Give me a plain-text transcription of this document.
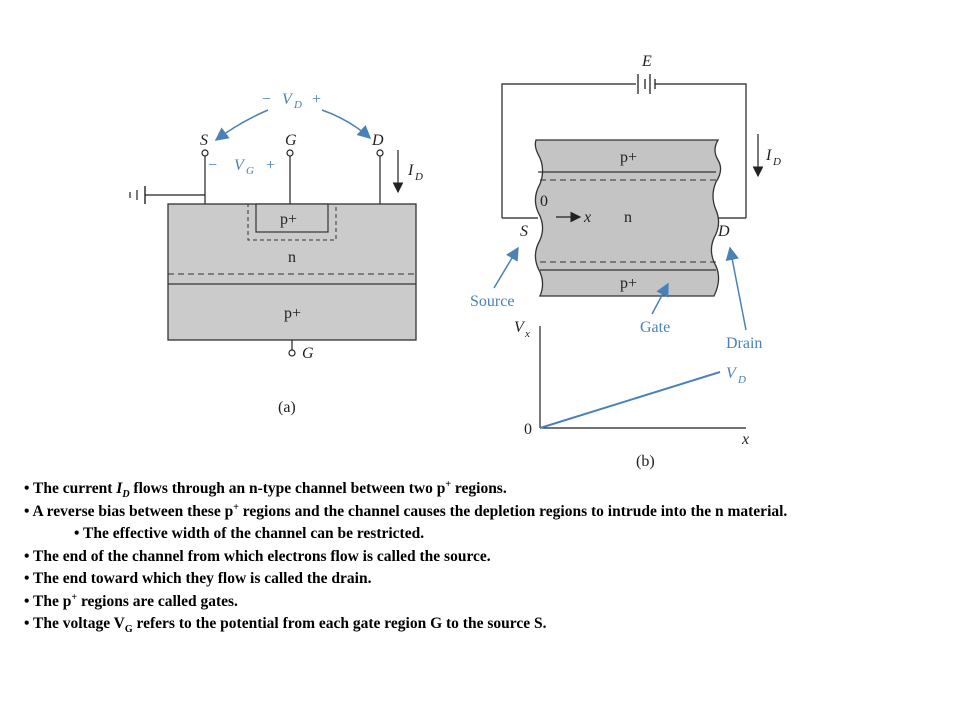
− V D +
S	G	D
− V G +	I D
p+
n
p+
G
(a)
E
I D
p+
n
p+
0
x
S	D
Source
Gate
Drain
V x
V D
0
x
(b)

• The current $I_D$ flows through an n-type channel between two p+ regions.

• A reverse bias between these p+ regions and the channel causes the depletion regions to intrude into the n material.

• The effective width of the channel can be restricted.

• The end of the channel from which electrons flow is called the source.

• The end toward which they flow is called the drain.

• The p+ regions are called gates.

• The voltage $V_G$ refers to the potential from each gate region G to the source S.
